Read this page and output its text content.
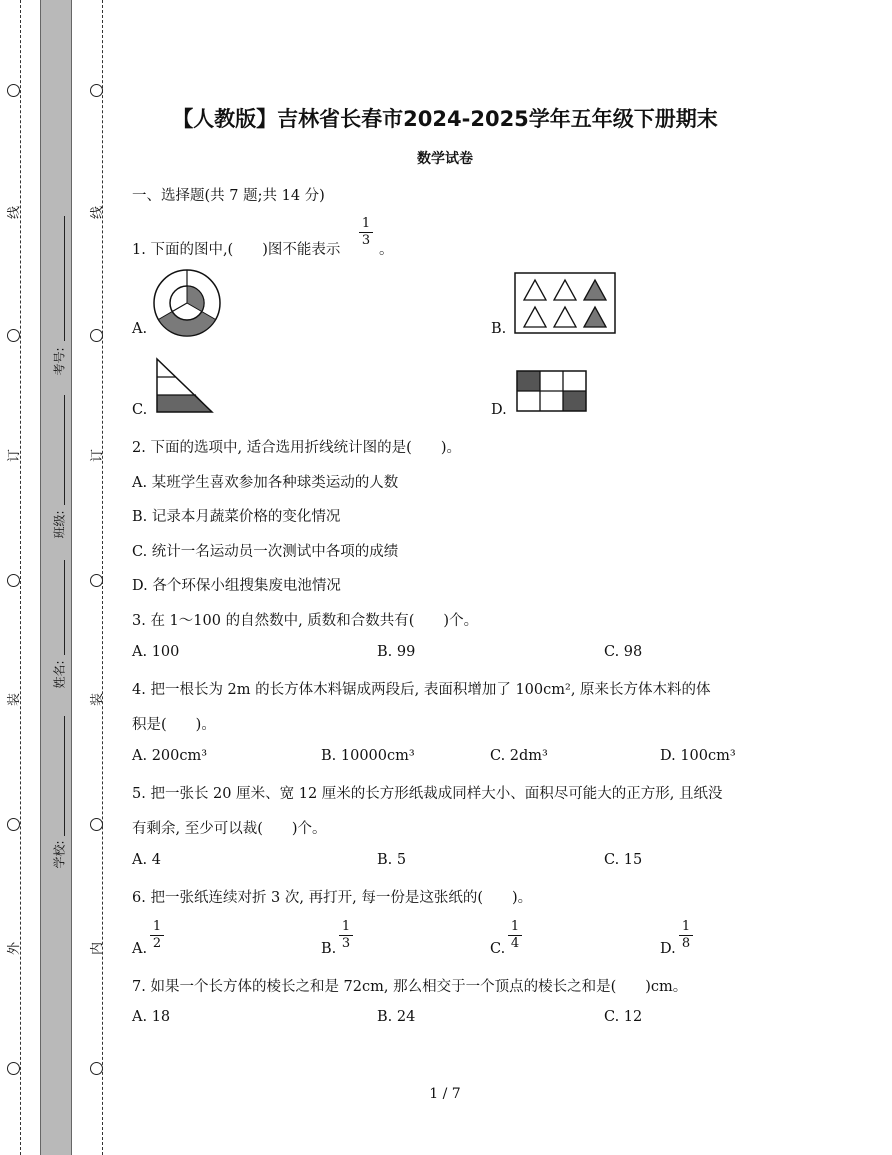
线
订
装
外
线
订
装
内
考号:
班级:
姓名:
学校:
【人教版】吉林省长春市2024-2025学年五年级下册期末
数学试卷
一、选择题(共 7 题;共 14 分)
1. 下面的图中,(　　)图不能表示
1
3
。
A.	B.
C.	D.
2. 下面的选项中, 适合选用折线统计图的是(　　)。
A. 某班学生喜欢参加各种球类运动的人数
B. 记录本月蔬菜价格的变化情况
C. 统计一名运动员一次测试中各项的成绩
D. 各个环保小组搜集废电池情况
3. 在 1～100 的自然数中, 质数和合数共有(　　)个。
A. 100	B. 99	C. 98
4. 把一根长为 2m 的长方体木料锯成两段后, 表面积增加了 100cm², 原来长方体木料的体
积是(　　)。
A. 200cm³	B. 10000cm³	C. 2dm³	D. 100cm³
5. 把一张长 20 厘米、宽 12 厘米的长方形纸裁成同样大小、面积尽可能大的正方形, 且纸没
有剩余, 至少可以裁(　　)个。
A. 4	B. 5	C. 15
6. 把一张纸连续对折 3 次, 再打开, 每一份是这张纸的(　　)。
A.
1
2	B.
1
3	C.
1
4	D.
1
8
7. 如果一个长方体的棱长之和是 72cm, 那么相交于一个顶点的棱长之和是(　　)cm。
A. 18	B. 24	C. 12
1 / 7
